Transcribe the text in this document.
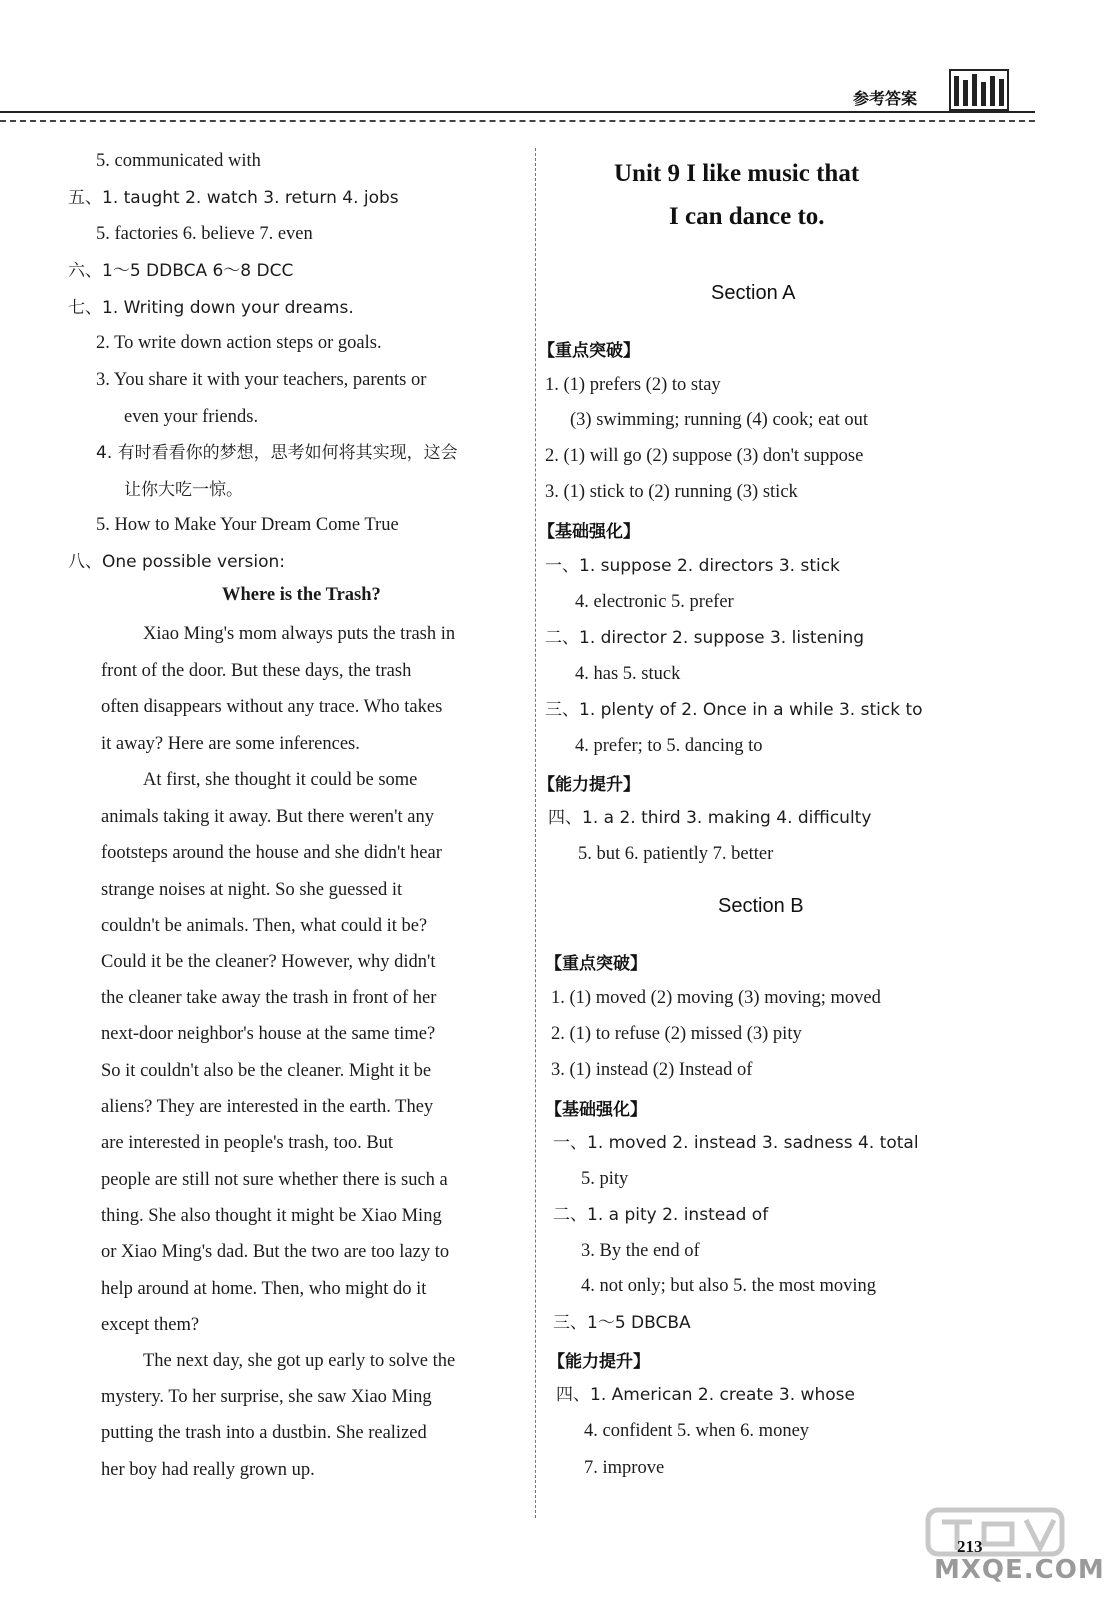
参考答案
5. communicated with
五、1. taught 2. watch 3. return 4. jobs
5. factories 6. believe 7. even
六、1～5 DDBCA 6～8 DCC
七、1. Writing down your dreams.
2. To write down action steps or goals.
3. You share it with your teachers, parents or
even your friends.
4. 有时看看你的梦想，思考如何将其实现，这会
让你大吃一惊。
5. How to Make Your Dream Come True
八、One possible version:
Where is the Trash?
Xiao Ming's mom always puts the trash in
front of the door. But these days, the trash
often disappears without any trace. Who takes
it away? Here are some inferences.
At first, she thought it could be some
animals taking it away. But there weren't any
footsteps around the house and she didn't hear
strange noises at night. So she guessed it
couldn't be animals. Then, what could it be?
Could it be the cleaner? However, why didn't
the cleaner take away the trash in front of her
next-door neighbor's house at the same time?
So it couldn't also be the cleaner. Might it be
aliens? They are interested in the earth. They
are interested in people's trash, too. But
people are still not sure whether there is such a
thing. She also thought it might be Xiao Ming
or Xiao Ming's dad. But the two are too lazy to
help around at home. Then, who might do it
except them?
The next day, she got up early to solve the
mystery. To her surprise, she saw Xiao Ming
putting the trash into a dustbin. She realized
her boy had really grown up.
Unit 9 I like music that
I can dance to.
Section A
【重点突破】
1. (1) prefers (2) to stay
(3) swimming; running (4) cook; eat out
2. (1) will go (2) suppose (3) don't suppose
3. (1) stick to (2) running (3) stick
【基础强化】
一、1. suppose 2. directors 3. stick
4. electronic 5. prefer
二、1. director 2. suppose 3. listening
4. has 5. stuck
三、1. plenty of 2. Once in a while 3. stick to
4. prefer; to 5. dancing to
【能力提升】
四、1. a 2. third 3. making 4. difficulty
5. but 6. patiently 7. better
Section B
【重点突破】
1. (1) moved (2) moving (3) moving; moved
2. (1) to refuse (2) missed (3) pity
3. (1) instead (2) Instead of
【基础强化】
一、1. moved 2. instead 3. sadness 4. total
5. pity
二、1. a pity 2. instead of
3. By the end of
4. not only; but also 5. the most moving
三、1～5 DBCBA
【能力提升】
四、1. American 2. create 3. whose
4. confident 5. when 6. money
7. improve
213
MXQE.COM
